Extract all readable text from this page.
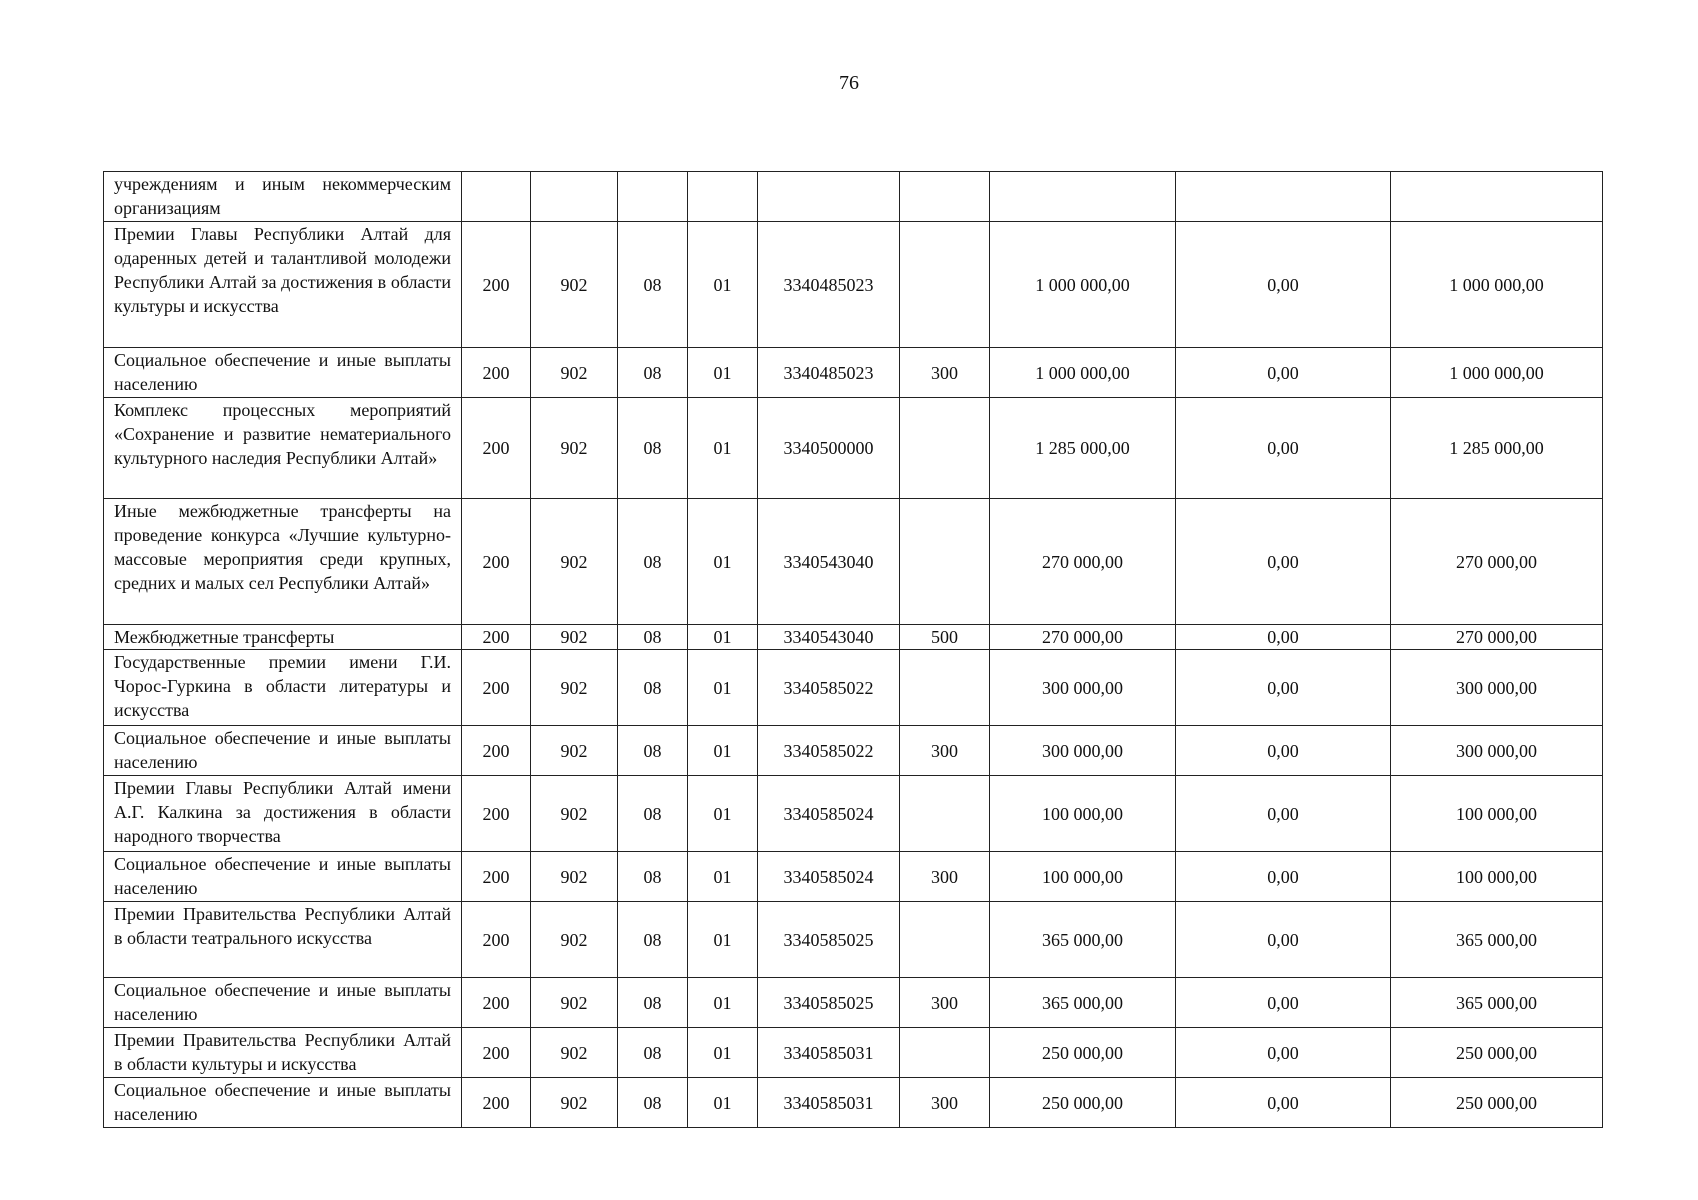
76
учреждениям и иным некоммерческим организациям									
Премии Главы Республики Алтай для одаренных детей и талантливой молодежи Республики Алтай за достижения в области культуры и искусства	200	902	08	01	3340485023		1 000 000,00	0,00	1 000 000,00
Социальное обеспечение и иные выплаты населению	200	902	08	01	3340485023	300	1 000 000,00	0,00	1 000 000,00
Комплекс процессных мероприятий «Сохранение и развитие нематериального культурного наследия Республики Алтай»	200	902	08	01	3340500000		1 285 000,00	0,00	1 285 000,00
Иные межбюджетные трансферты на проведение конкурса «Лучшие культурно-массовые мероприятия среди крупных, средних и малых сел Республики Алтай»	200	902	08	01	3340543040		270 000,00	0,00	270 000,00
Межбюджетные трансферты	200	902	08	01	3340543040	500	270 000,00	0,00	270 000,00
Государственные премии имени Г.И. Чорос-Гуркина в области литературы и искусства	200	902	08	01	3340585022		300 000,00	0,00	300 000,00
Социальное обеспечение и иные выплаты населению	200	902	08	01	3340585022	300	300 000,00	0,00	300 000,00
Премии Главы Республики Алтай имени А.Г. Калкина за достижения в области народного творчества	200	902	08	01	3340585024		100 000,00	0,00	100 000,00
Социальное обеспечение и иные выплаты населению	200	902	08	01	3340585024	300	100 000,00	0,00	100 000,00
Премии Правительства Республики Алтай в области театрального искусства	200	902	08	01	3340585025		365 000,00	0,00	365 000,00
Социальное обеспечение и иные выплаты населению	200	902	08	01	3340585025	300	365 000,00	0,00	365 000,00
Премии Правительства Республики Алтай в области культуры и искусства	200	902	08	01	3340585031		250 000,00	0,00	250 000,00
Социальное обеспечение и иные выплаты населению	200	902	08	01	3340585031	300	250 000,00	0,00	250 000,00
